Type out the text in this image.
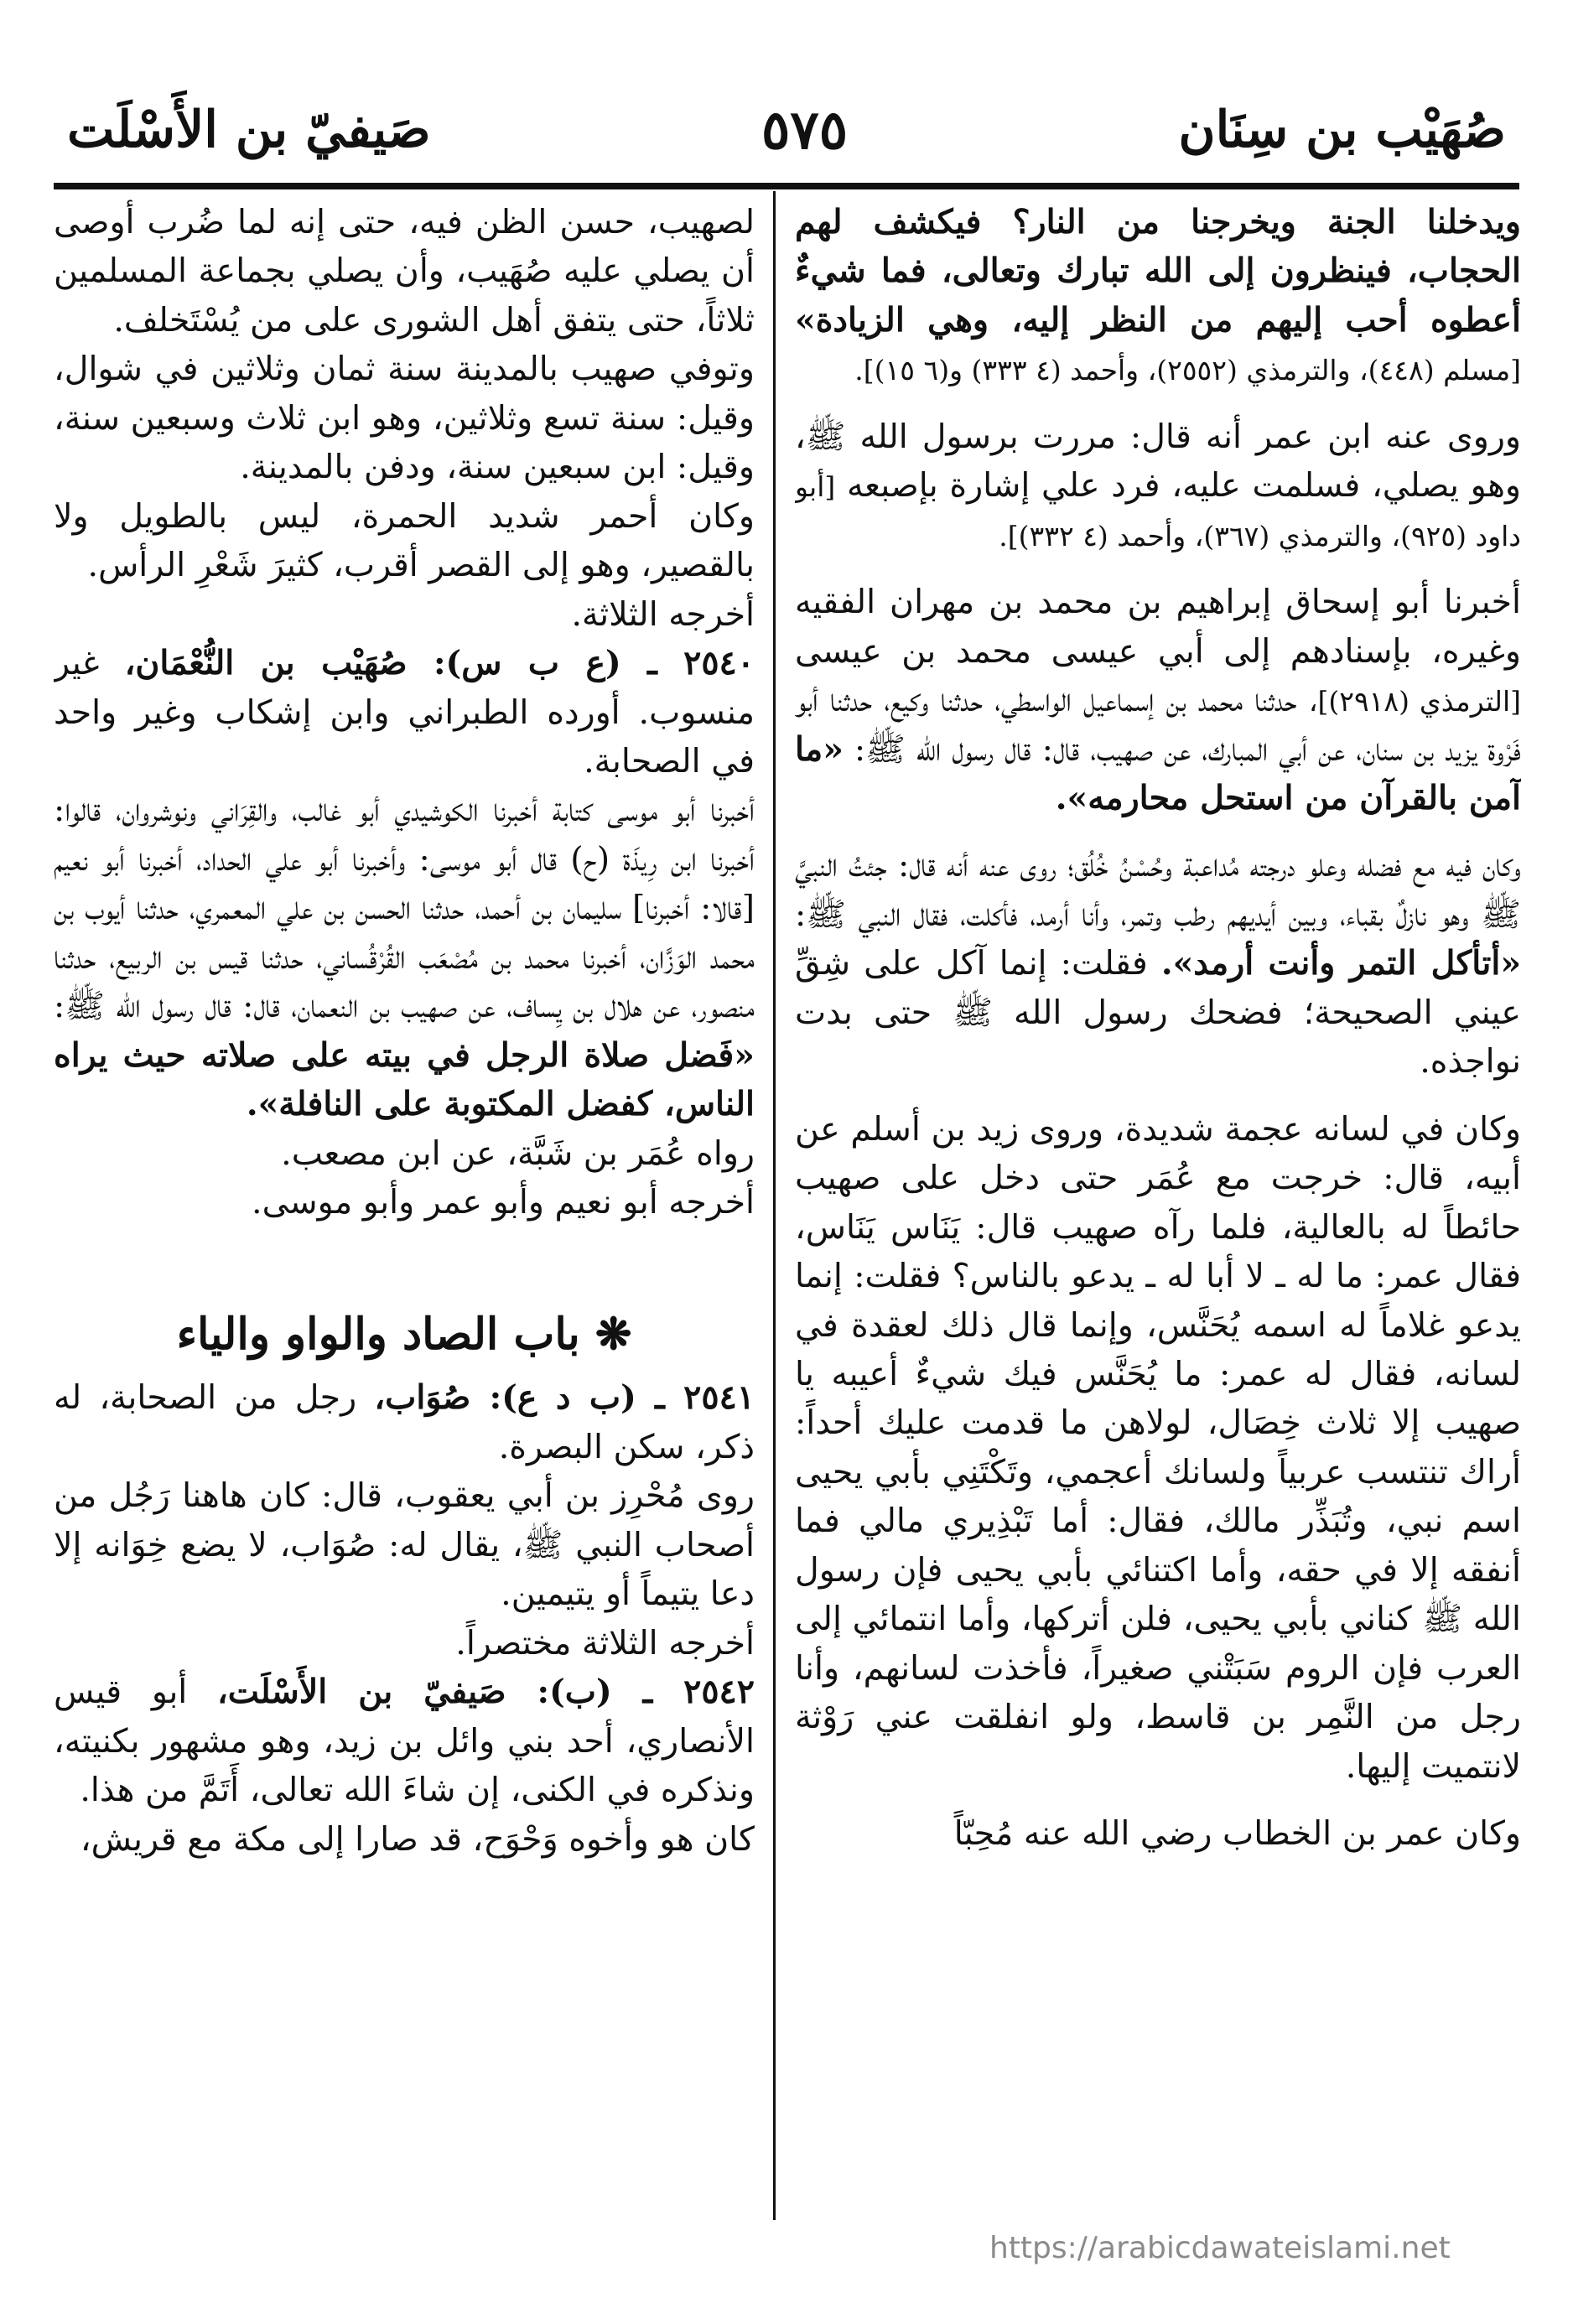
صُهَيْب بن سِنَان
٥٧٥
صَيفيّ بن الأَسْلَت
ويدخلنا الجنة ويخرجنا من النار؟ فيكشف لهم الحجاب، فينظرون إلى الله تبارك وتعالى، فما شيءٌ أعطوه أحب إليهم من النظر إليه، وهي الزيادة» [مسلم (٤٤٨)، والترمذي (٢٥٥٢)، وأحمد (٤ ٣٣٣) و(٦ ١٥)].
وروى عنه ابن عمر أنه قال: مررت برسول الله ﷺ، وهو يصلي، فسلمت عليه، فرد علي إشارة بإصبعه [أبو داود (٩٢٥)، والترمذي (٣٦٧)، وأحمد (٤ ٣٣٢)].
أخبرنا أبو إسحاق إبراهيم بن محمد بن مهران الفقيه وغيره، بإسنادهم إلى أبي عيسى محمد بن عيسى [الترمذي (٢٩١٨)]، حدثنا محمد بن إسماعيل الواسطي، حدثنا وكيع، حدثنا أبو فَرْوة يزيد بن سنان، عن أبي المبارك، عن صهيب، قال: قال رسول الله ﷺ: «ما آمن بالقرآن من استحل محارمه».
وكان فيه مع فضله وعلو درجته مُداعبة وحُسْنُ خُلُق؛ روى عنه أنه قال: جئتُ النبيَّ ﷺ وهو نازلٌ بقباء، وبين أيديهم رطب وتمر، وأنا أرمد، فأكلت، فقال النبي ﷺ: «أتأكل التمر وأنت أرمد». فقلت: إنما آكل على شِقِّ عيني الصحيحة؛ فضحك رسول الله ﷺ حتى بدت نواجذه.
وكان في لسانه عجمة شديدة، وروى زيد بن أسلم عن أبيه، قال: خرجت مع عُمَر حتى دخل على صهيب حائطاً له بالعالية، فلما رآه صهيب قال: يَنَاس يَنَاس، فقال عمر: ما له ـ لا أبا له ـ يدعو بالناس؟ فقلت: إنما يدعو غلاماً له اسمه يُحَنَّس، وإنما قال ذلك لعقدة في لسانه، فقال له عمر: ما يُحَنَّس فيك شيءٌ أعيبه يا صهيب إلا ثلاث خِصَال، لولاهن ما قدمت عليك أحداً: أراك تنتسب عربياً ولسانك أعجمي، وتَكْتَنِي بأبي يحيى اسم نبي، وتُبَذِّر مالك، فقال: أما تَبْذِيري مالي فما أنفقه إلا في حقه، وأما اكتنائي بأبي يحيى فإن رسول الله ﷺ كناني بأبي يحيى، فلن أتركها، وأما انتمائي إلى العرب فإن الروم سَبَتْني صغيراً، فأخذت لسانهم، وأنا رجل من النَّمِر بن قاسط، ولو انفلقت عني رَوْثة لانتميت إليها.
وكان عمر بن الخطاب رضي الله عنه مُحِبّاً
لصهيب، حسن الظن فيه، حتى إنه لما ضُرب أوصى أن يصلي عليه صُهَيب، وأن يصلي بجماعة المسلمين ثلاثاً، حتى يتفق أهل الشورى على من يُسْتَخلف.
وتوفي صهيب بالمدينة سنة ثمان وثلاثين في شوال، وقيل: سنة تسع وثلاثين، وهو ابن ثلاث وسبعين سنة، وقيل: ابن سبعين سنة، ودفن بالمدينة.
وكان أحمر شديد الحمرة، ليس بالطويل ولا بالقصير، وهو إلى القصر أقرب، كثيرَ شَعْرِ الرأس.
أخرجه الثلاثة.
٢٥٤٠ ـ (ع ب س): صُهَيْب بن النُّعْمَان، غير منسوب. أورده الطبراني وابن إشكاب وغير واحد في الصحابة.
أخبرنا أبو موسى كتابة أخبرنا الكوشيدي أبو غالب، والقِرَاني ونوشروان، قالوا: أخبرنا ابن رِيذَة (ح) قال أبو موسى: وأخبرنا أبو علي الحداد، أخبرنا أبو نعيم [قالا: أخبرنا] سليمان بن أحمد، حدثنا الحسن بن علي المعمري، حدثنا أيوب بن محمد الوَزَّان، أخبرنا محمد بن مُصْعَب القُرْقُساني، حدثنا قيس بن الربيع، حدثنا منصور، عن هلال بن يِساف، عن صهيب بن النعمان، قال: قال رسول الله ﷺ: «فَضل صلاة الرجل في بيته على صلاته حيث يراه الناس، كفضل المكتوبة على النافلة».
رواه عُمَر بن شَبَّة، عن ابن مصعب.
أخرجه أبو نعيم وأبو عمر وأبو موسى.
❋ باب الصاد والواو والياء
٢٥٤١ ـ (ب د ع): صُوَاب، رجل من الصحابة، له ذكر، سكن البصرة.
روى مُحْرِز بن أبي يعقوب، قال: كان هاهنا رَجُل من أصحاب النبي ﷺ، يقال له: صُوَاب، لا يضع خِوَانه إلا دعا يتيماً أو يتيمين.
أخرجه الثلاثة مختصراً.
٢٥٤٢ ـ (ب): صَيفيّ بن الأَسْلَت، أبو قيس الأنصاري، أحد بني وائل بن زيد، وهو مشهور بكنيته، ونذكره في الكنى، إن شاءَ الله تعالى، أَتَمَّ من هذا.
كان هو وأخوه وَحْوَح، قد صارا إلى مكة مع قريش،
https://arabicdawateislami.net
